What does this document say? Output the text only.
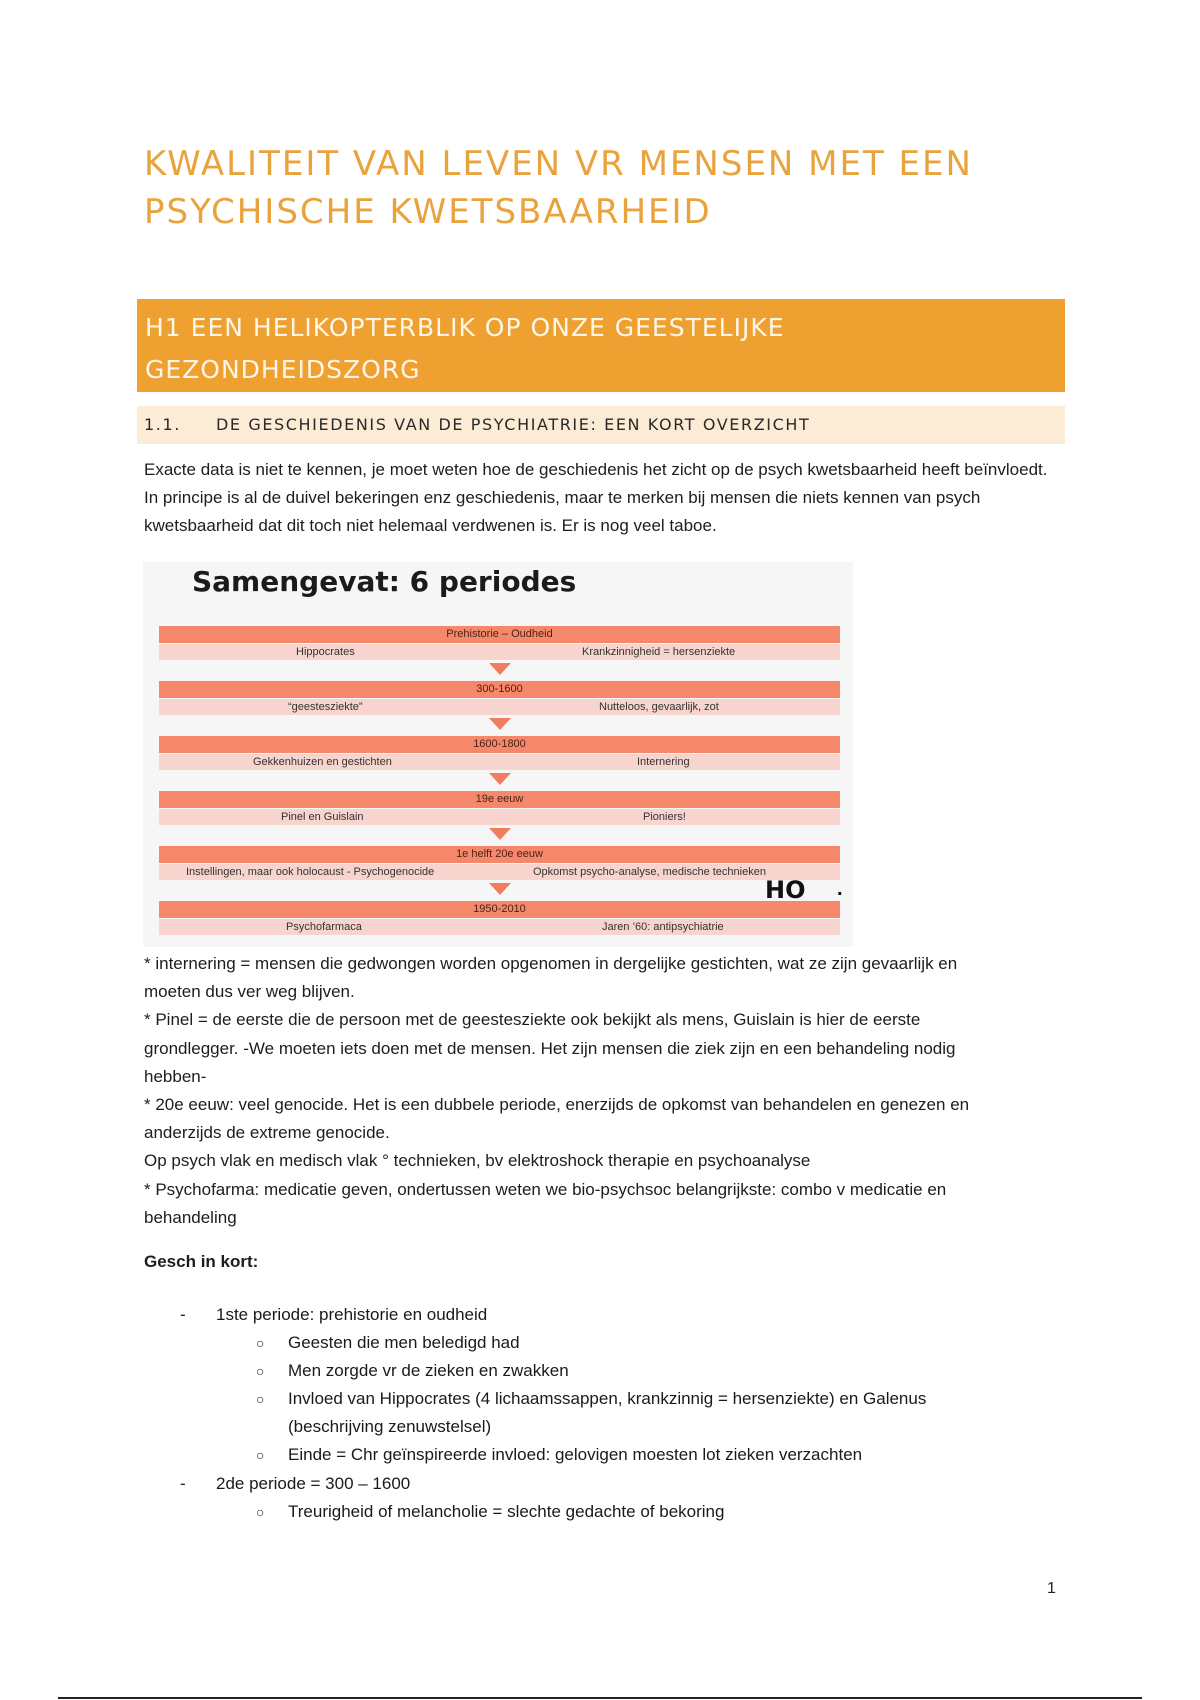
KWALITEIT VAN LEVEN VR MENSEN MET EEN PSYCHISCHE KWETSBAARHEID
H1 EEN HELIKOPTERBLIK OP ONZE GEESTELIJKE GEZONDHEIDSZORG
1.1. DE GESCHIEDENIS VAN DE PSYCHIATRIE: EEN KORT OVERZICHT

Exacte data is niet te kennen, je moet weten hoe de geschiedenis het zicht op de psych kwetsbaarheid heeft beïnvloedt. In principe is al de duivel bekeringen enz geschiedenis, maar te merken bij mensen die niets kennen van psych kwetsbaarheid dat dit toch niet helemaal verdwenen is. Er is nog veel taboe.

Samengevat: 6 periodes
Prehistorie – Oudheid
Hippocrates	Krankzinnigheid = hersenziekte
300-1600
“geestesziekte”	Nutteloos, gevaarlijk, zot
1600-1800
Gekkenhuizen en gestichten	Internering
19e eeuw
Pinel en Guislain	Pioniers!
1e helft 20e eeuw
Instellingen, maar ook holocaust - Psychogenocide	Opkomst psycho-analyse, medische technieken
1950-2010
Psychofarmaca	Jaren ’60: antipsychiatrie
HO .
* internering = mensen die gedwongen worden opgenomen in dergelijke gestichten, wat ze zijn gevaarlijk en
moeten dus ver weg blijven.
* Pinel = de eerste die de persoon met de geestesziekte ook bekijkt als mens, Guislain is hier de eerste
grondlegger. -We moeten iets doen met de mensen. Het zijn mensen die ziek zijn en een behandeling nodig
hebben-
* 20e eeuw: veel genocide. Het is een dubbele periode, enerzijds de opkomst van behandelen en genezen en
anderzijds de extreme genocide.
Op psych vlak en medisch vlak ° technieken, bv elektroshock therapie en psychoanalyse
* Psychofarma: medicatie geven, ondertussen weten we bio-psychsoc belangrijkste: combo v medicatie en
behandeling
Gesch in kort:
- 1ste periode: prehistorie en oudheid
○ Geesten die men beledigd had
○ Men zorgde vr de zieken en zwakken
○ Invloed van Hippocrates (4 lichaamssappen, krankzinnig = hersenziekte) en Galenus (beschrijving zenuwstelsel)
○ Einde = Chr geïnspireerde invloed: gelovigen moesten lot zieken verzachten
- 2de periode = 300 – 1600
○ Treurigheid of melancholie = slechte gedachte of bekoring
1
